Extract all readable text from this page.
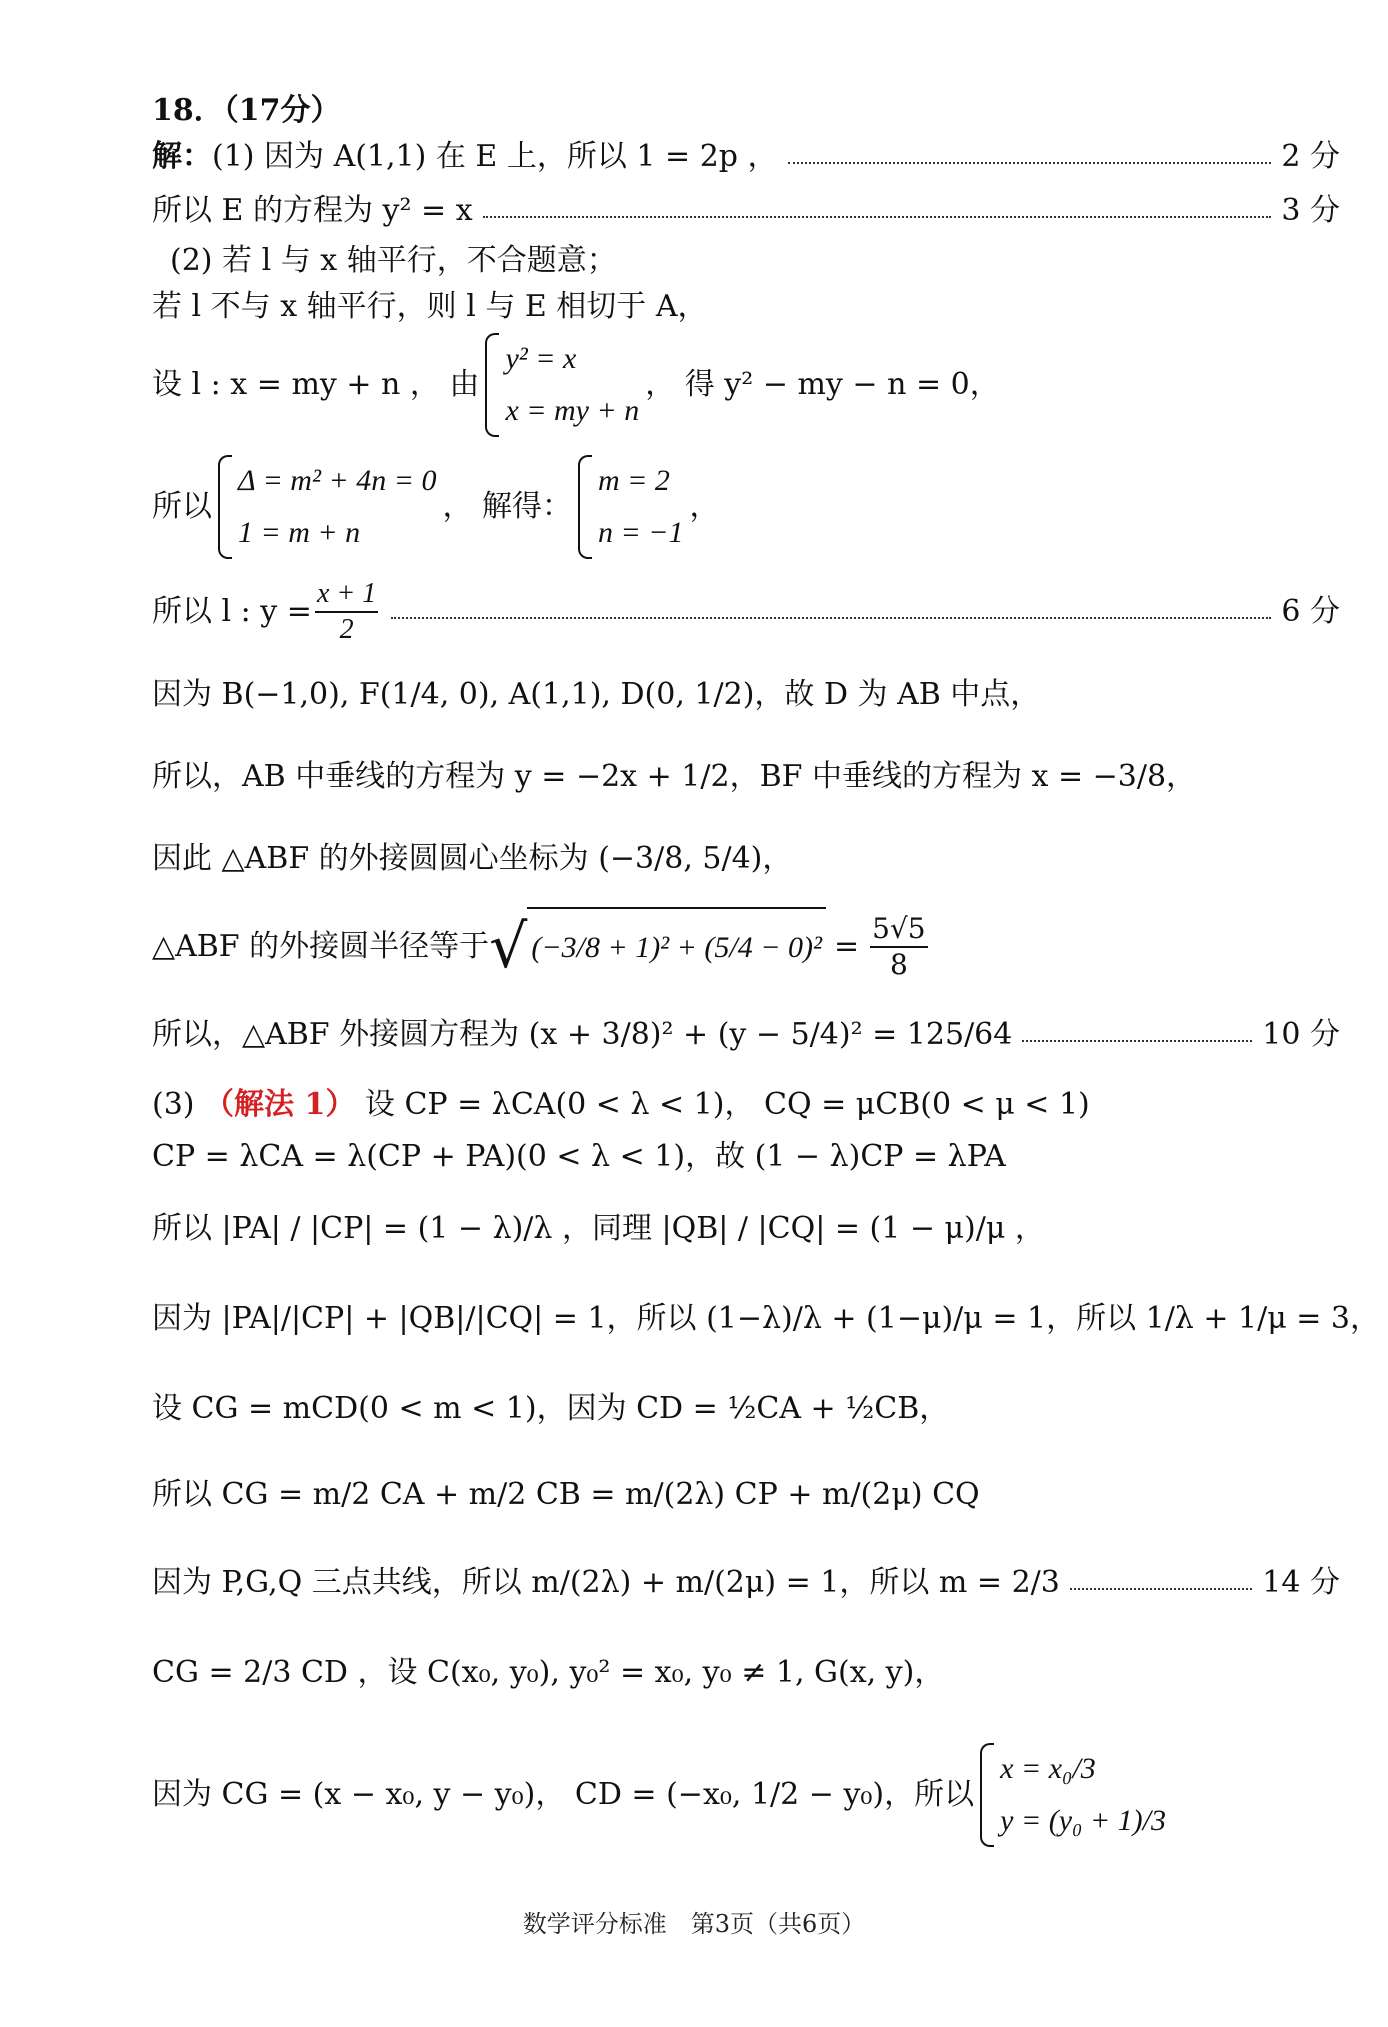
18．（17分）
解： (1) 因为 A(1,1) 在 E 上，所以 1 = 2p ，	2 分
所以 E 的方程为 y² = x	3 分
(2) 若 l 与 x 轴平行，不合题意；
若 l 不与 x 轴平行，则 l 与 E 相切于 A，
设 l : x = my + n ， 由
y² = x
x = my + n
， 得 y² − my − n = 0，
所以
Δ = m² + 4n = 0
1 = m + n
， 解得：
m = 2
n = −1
，
所以 l : $y = \frac{x + 1}{2}$	6 分
因为 B(−1,0), F(1/4, 0), A(1,1), D(0, 1/2)，故 D 为 AB 中点，
所以，AB 中垂线的方程为 y = −2x + 1/2，BF 中垂线的方程为 x = −3/8，
因此 △ABF 的外接圆圆心坐标为 (−3/8, 5/4)，
△ABF 的外接圆半径等于 √ $(-3/8 + 1)^2 + (5/4 - 0)^2 = \frac{5√5}{8}$
所以，△ABF 外接圆方程为 (x + 3/8)² + (y − 5/4)² = 125/64	10 分
(3) （解法 1） 设 CP = λCA(0 < λ < 1)， CQ = μCB(0 < μ < 1)
CP = λCA = λ(CP + PA)(0 < λ < 1)，故 (1 − λ)CP = λPA
所以 |PA| / |CP| = (1 − λ)/λ ，同理 |QB| / |CQ| = (1 − μ)/μ ，
因为 |PA|/|CP| + |QB|/|CQ| = 1，所以 (1−λ)/λ + (1−μ)/μ = 1，所以 1/λ + 1/μ = 3，
设 CG = mCD(0 < m < 1)，因为 CD = ½CA + ½CB，
所以 CG = m/2 CA + m/2 CB = m/(2λ) CP + m/(2μ) CQ
因为 P,G,Q 三点共线，所以 m/(2λ) + m/(2μ) = 1，所以 m = 2/3	14 分
CG = 2/3 CD ，设 C(x₀, y₀), y₀² = x₀, y₀ ≠ 1, G(x, y)，
因为 CG = (x − x₀, y − y₀)， CD = (−x₀, 1/2 − y₀)，所以
x = x₀/3
y = (y₀ + 1)/3
数学评分标准　第3页（共6页）
